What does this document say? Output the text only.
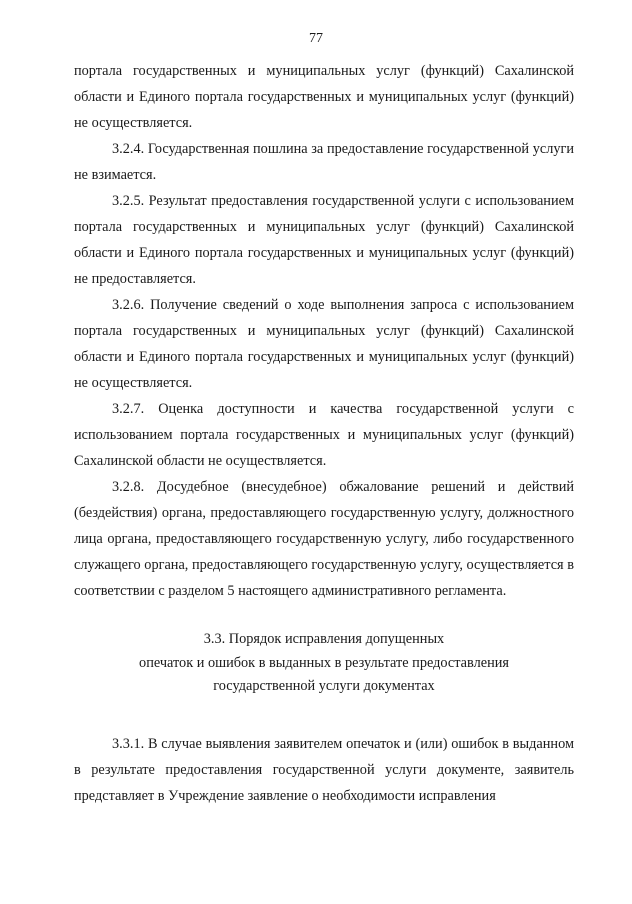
77

портала государственных и муниципальных услуг (функций) Сахалинской области и Единого портала государственных и муниципальных услуг (функций) не осуществляется.

3.2.4. Государственная пошлина за предоставление государственной услуги не взимается.

3.2.5. Результат предоставления государственной услуги с использованием портала государственных и муниципальных услуг (функций) Сахалинской области и Единого портала государственных и муниципальных услуг (функций) не предоставляется.

3.2.6. Получение сведений о ходе выполнения запроса с использованием портала государственных и муниципальных услуг (функций) Сахалинской области и Единого портала государственных и муниципальных услуг (функций) не осуществляется.

3.2.7. Оценка доступности и качества государственной услуги с использованием портала государственных и муниципальных услуг (функций) Сахалинской области не осуществляется.

3.2.8. Досудебное (внесудебное) обжалование решений и действий (бездействия) органа, предоставляющего государственную услугу, должностного лица органа, предоставляющего государственную услугу, либо государственного служащего органа, предоставляющего государственную услугу, осуществляется в соответствии с разделом 5 настоящего административного регламента.

3.3. Порядок исправления допущенных
опечаток и ошибок в выданных в результате предоставления
государственной услуги документах

3.3.1. В случае выявления заявителем опечаток и (или) ошибок в выданном в результате предоставления государственной услуги документе, заявитель представляет в Учреждение заявление о необходимости исправления
